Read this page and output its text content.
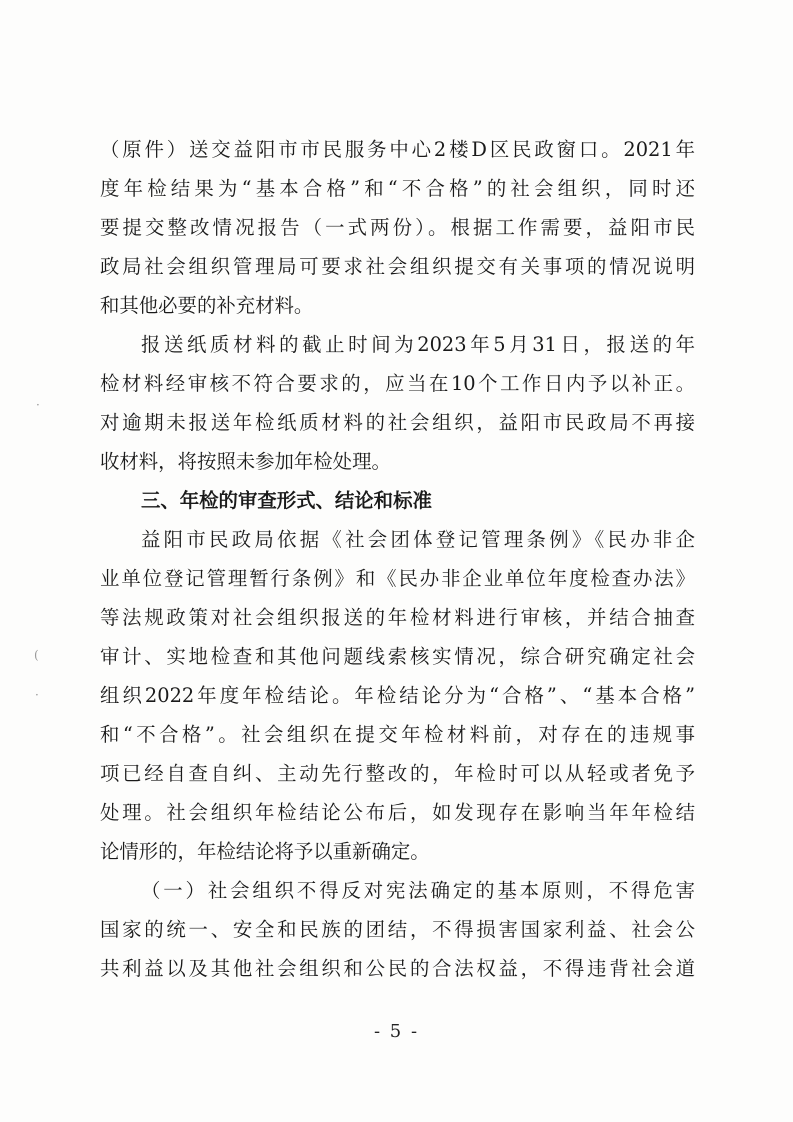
（原件）送交益阳市市民服务中心2楼D区民政窗口。2021年
度年检结果为“基本合格”和“不合格”的社会组织，同时还
要提交整改情况报告（一式两份）。根据工作需要，益阳市民
政局社会组织管理局可要求社会组织提交有关事项的情况说明
和其他必要的补充材料。
报送纸质材料的截止时间为2023年5月31日，报送的年
检材料经审核不符合要求的，应当在10个工作日内予以补正。
对逾期未报送年检纸质材料的社会组织，益阳市民政局不再接
收材料，将按照未参加年检处理。
三、年检的审查形式、结论和标准
益阳市民政局依据《社会团体登记管理条例》《民办非企
业单位登记管理暂行条例》和《民办非企业单位年度检查办法》
等法规政策对社会组织报送的年检材料进行审核，并结合抽查
审计、实地检查和其他问题线索核实情况，综合研究确定社会
组织2022年度年检结论。年检结论分为“合格”、“基本合格”
和“不合格”。社会组织在提交年检材料前，对存在的违规事
项已经自查自纠、主动先行整改的，年检时可以从轻或者免予
处理。社会组织年检结论公布后，如发现存在影响当年年检结
论情形的，年检结论将予以重新确定。
（一）社会组织不得反对宪法确定的基本原则，不得危害
国家的统一、安全和民族的团结，不得损害国家利益、社会公
共利益以及其他社会组织和公民的合法权益，不得违背社会道
·
(
·
- 5 -
